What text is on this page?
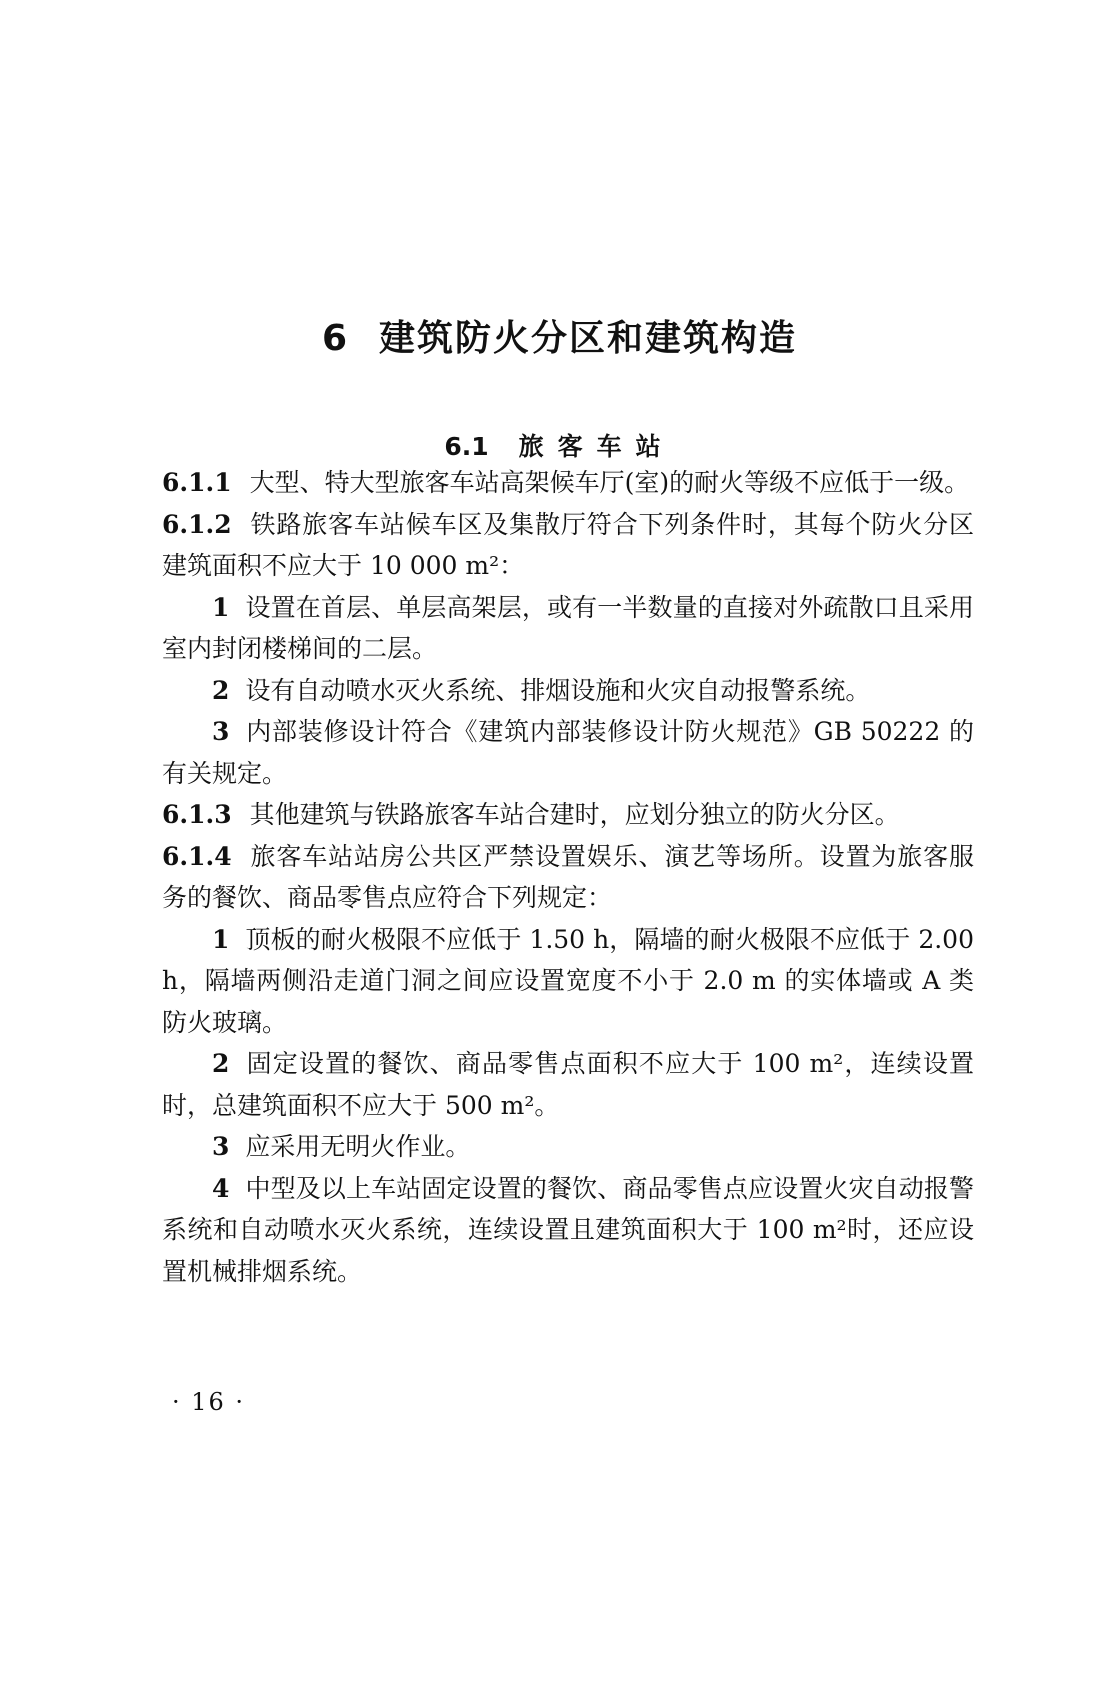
6 建筑防火分区和建筑构造
6.1 旅客车站

6.1.1 大型、特大型旅客车站高架候车厅(室)的耐火等级不应低于一级。

6.1.2 铁路旅客车站候车区及集散厅符合下列条件时，其每个防火分区建筑面积不应大于 10 000 m²：

1 设置在首层、单层高架层，或有一半数量的直接对外疏散口且采用室内封闭楼梯间的二层。

2 设有自动喷水灭火系统、排烟设施和火灾自动报警系统。

3 内部装修设计符合《建筑内部装修设计防火规范》GB 50222 的有关规定。

6.1.3 其他建筑与铁路旅客车站合建时，应划分独立的防火分区。

6.1.4 旅客车站站房公共区严禁设置娱乐、演艺等场所。设置为旅客服务的餐饮、商品零售点应符合下列规定：

1 顶板的耐火极限不应低于 1.50 h，隔墙的耐火极限不应低于 2.00 h，隔墙两侧沿走道门洞之间应设置宽度不小于 2.0 m 的实体墙或 A 类防火玻璃。

2 固定设置的餐饮、商品零售点面积不应大于 100 m²，连续设置时，总建筑面积不应大于 500 m²。

3 应采用无明火作业。

4 中型及以上车站固定设置的餐饮、商品零售点应设置火灾自动报警系统和自动喷水灭火系统，连续设置且建筑面积大于 100 m²时，还应设置机械排烟系统。

· 16 ·
